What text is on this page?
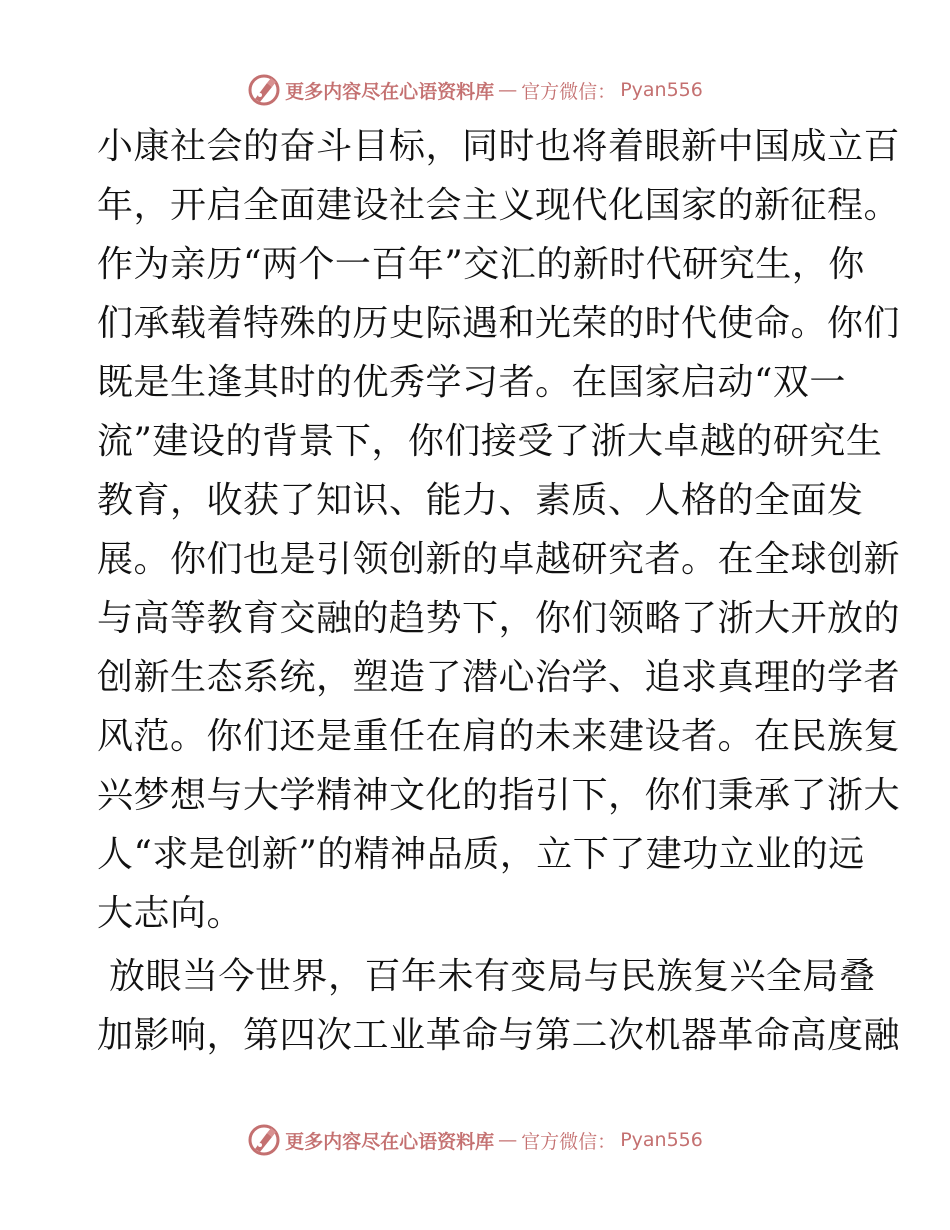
更多内容尽在心语资料库 — 官方微信： Pyan556
小康社会的奋斗目标，同时也将着眼新中国成立百
年，开启全面建设社会主义现代化国家的新征程。
作为亲历“两个一百年”交汇的新时代研究生，你
们承载着特殊的历史际遇和光荣的时代使命。你们
既是生逢其时的优秀学习者。在国家启动“双一
流”建设的背景下，你们接受了浙大卓越的研究生
教育，收获了知识、能力、素质、人格的全面发
展。你们也是引领创新的卓越研究者。在全球创新
与高等教育交融的趋势下，你们领略了浙大开放的
创新生态系统，塑造了潜心治学、追求真理的学者
风范。你们还是重任在肩的未来建设者。在民族复
兴梦想与大学精神文化的指引下，你们秉承了浙大
人“求是创新”的精神品质，立下了建功立业的远
大志向。
放眼当今世界，百年未有变局与民族复兴全局叠
加影响，第四次工业革命与第二次机器革命高度融
更多内容尽在心语资料库 — 官方微信： Pyan556
